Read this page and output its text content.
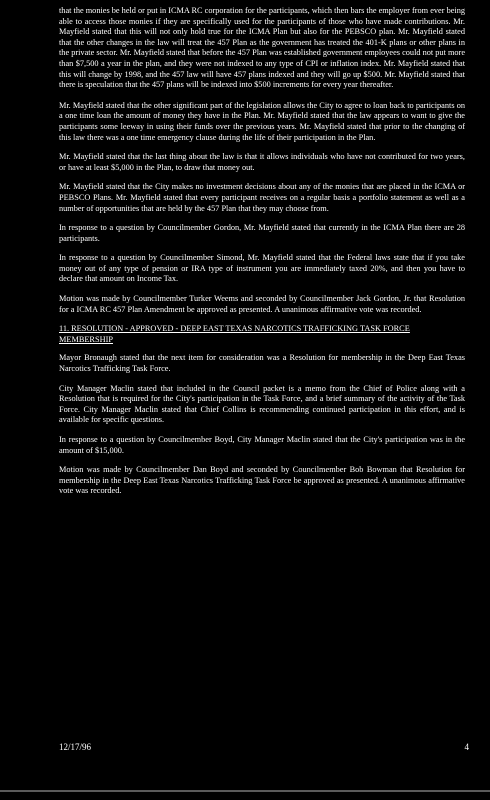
that the monies be held or put in ICMA RC corporation for the participants, which then bars the employer from ever being able to access those monies if they are specifically used for the participants of those who have made contributions. Mr. Mayfield stated that this will not only hold true for the ICMA Plan but also for the PEBSCO plan. Mr. Mayfield stated that the other changes in the law will treat the 457 Plan as the government has treated the 401-K plans or other plans in the private sector. Mr. Mayfield stated that before the 457 Plan was established government employees could not put more than $7,500 a year in the plan, and they were not indexed to any type of CPI or inflation index. Mr. Mayfield stated that this will change by 1998, and the 457 law will have 457 plans indexed and they will go up $500. Mr. Mayfield stated that there is speculation that the 457 plans will be indexed into $500 increments for every year thereafter.

Mr. Mayfield stated that the other significant part of the legislation allows the City to agree to loan back to participants on a one time loan the amount of money they have in the Plan. Mr. Mayfield stated that the law appears to want to give the participants some leeway in using their funds over the previous years. Mr. Mayfield stated that prior to the changing of this law there was a one time emergency clause during the life of their participation in the Plan.

Mr. Mayfield stated that the last thing about the law is that it allows individuals who have not contributed for two years, or have at least $5,000 in the Plan, to draw that money out.

Mr. Mayfield stated that the City makes no investment decisions about any of the monies that are placed in the ICMA or PEBSCO Plans. Mr. Mayfield stated that every participant receives on a regular basis a portfolio statement as well as a number of opportunities that are held by the 457 Plan that they may choose from.

In response to a question by Councilmember Gordon, Mr. Mayfield stated that currently in the ICMA Plan there are 28 participants.

In response to a question by Councilmember Simond, Mr. Mayfield stated that the Federal laws state that if you take money out of any type of pension or IRA type of instrument you are immediately taxed 20%, and then you have to declare that amount on Income Tax.

Motion was made by Councilmember Turker Weems and seconded by Councilmember Jack Gordon, Jr. that Resolution for a ICMA RC 457 Plan Amendment be approved as presented. A unanimous affirmative vote was recorded.

11. RESOLUTION - APPROVED - DEEP EAST TEXAS NARCOTICS TRAFFICKING TASK FORCE MEMBERSHIP

Mayor Bronaugh stated that the next item for consideration was a Resolution for membership in the Deep East Texas Narcotics Trafficking Task Force.

City Manager Maclin stated that included in the Council packet is a memo from the Chief of Police along with a Resolution that is required for the City's participation in the Task Force, and a brief summary of the activity of the Task Force. City Manager Maclin stated that Chief Collins is recommending continued participation in this effort, and is available for specific questions.

In response to a question by Councilmember Boyd, City Manager Maclin stated that the City's participation was in the amount of $15,000.

Motion was made by Councilmember Dan Boyd and seconded by Councilmember Bob Bowman that Resolution for membership in the Deep East Texas Narcotics Trafficking Task Force be approved as presented. A unanimous affirmative vote was recorded.

12/17/96	4
